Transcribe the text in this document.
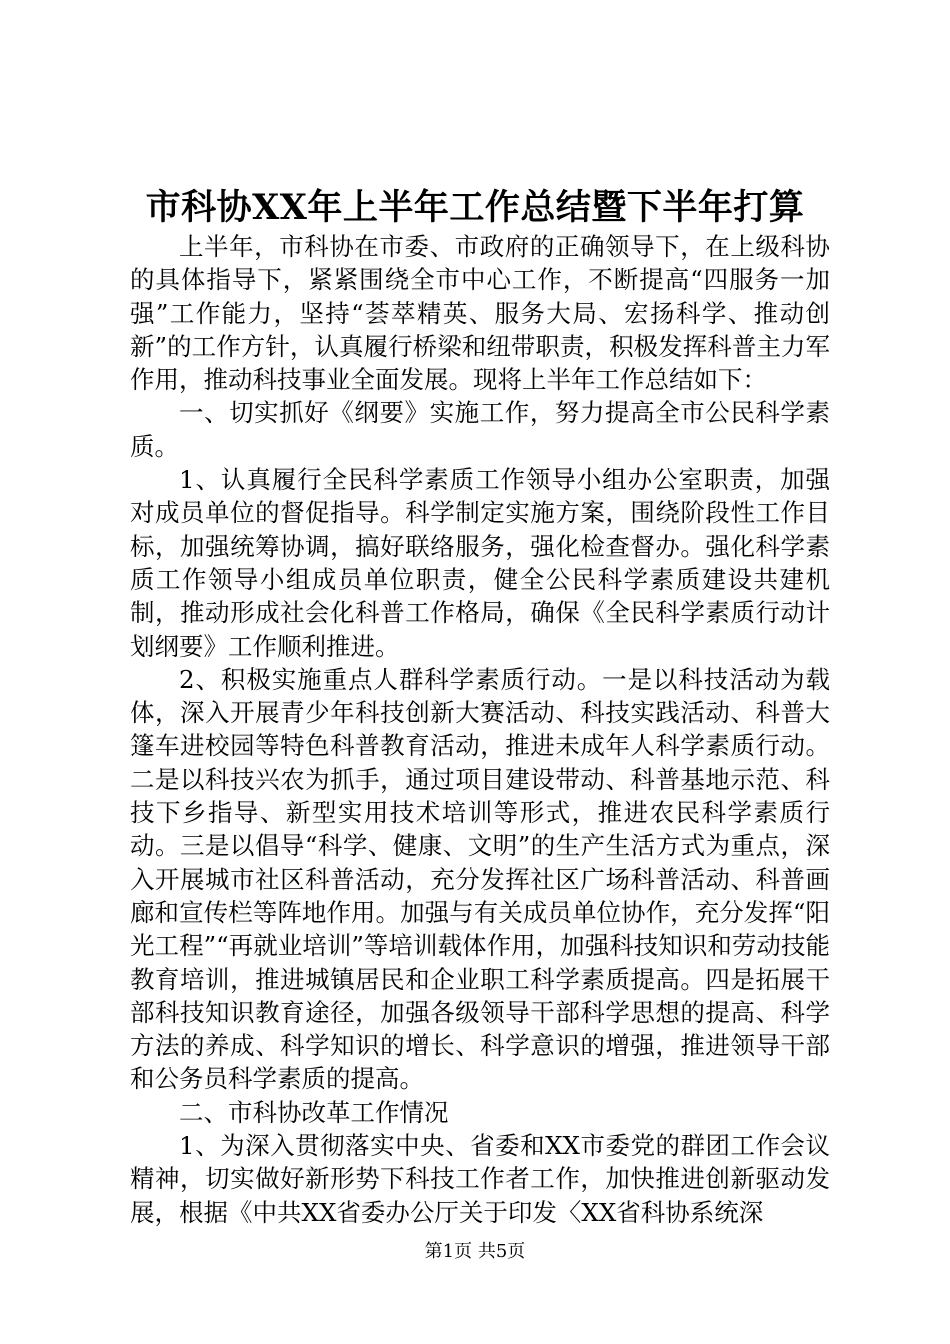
市科协XX年上半年工作总结暨下半年打算

上半年，市科协在市委、市政府的正确领导下，在上级科协的具体指导下，紧紧围绕全市中心工作，不断提高“四服务一加强”工作能力，坚持“荟萃精英、服务大局、宏扬科学、推动创新”的工作方针，认真履行桥梁和纽带职责，积极发挥科普主力军作用，推动科技事业全面发展。现将上半年工作总结如下：

一、切实抓好《纲要》实施工作，努力提高全市公民科学素质。

1、认真履行全民科学素质工作领导小组办公室职责，加强对成员单位的督促指导。科学制定实施方案，围绕阶段性工作目标，加强统筹协调，搞好联络服务，强化检查督办。强化科学素质工作领导小组成员单位职责，健全公民科学素质建设共建机制，推动形成社会化科普工作格局，确保《全民科学素质行动计划纲要》工作顺利推进。

2、积极实施重点人群科学素质行动。一是以科技活动为载体，深入开展青少年科技创新大赛活动、科技实践活动、科普大篷车进校园等特色科普教育活动，推进未成年人科学素质行动。二是以科技兴农为抓手，通过项目建设带动、科普基地示范、科技下乡指导、新型实用技术培训等形式，推进农民科学素质行动。三是以倡导“科学、健康、文明”的生产生活方式为重点，深入开展城市社区科普活动，充分发挥社区广场科普活动、科普画廊和宣传栏等阵地作用。加强与有关成员单位协作，充分发挥“阳光工程”“再就业培训”等培训载体作用，加强科技知识和劳动技能教育培训，推进城镇居民和企业职工科学素质提高。四是拓展干部科技知识教育途径，加强各级领导干部科学思想的提高、科学方法的养成、科学知识的增长、科学意识的增强，推进领导干部和公务员科学素质的提高。

二、市科协改革工作情况

1、为深入贯彻落实中央、省委和XX市委党的群团工作会议精神，切实做好新形势下科技工作者工作，加快推进创新驱动发展，根据《中共XX省委办公厅关于印发〈XX省科协系统深

第1页 共5页
